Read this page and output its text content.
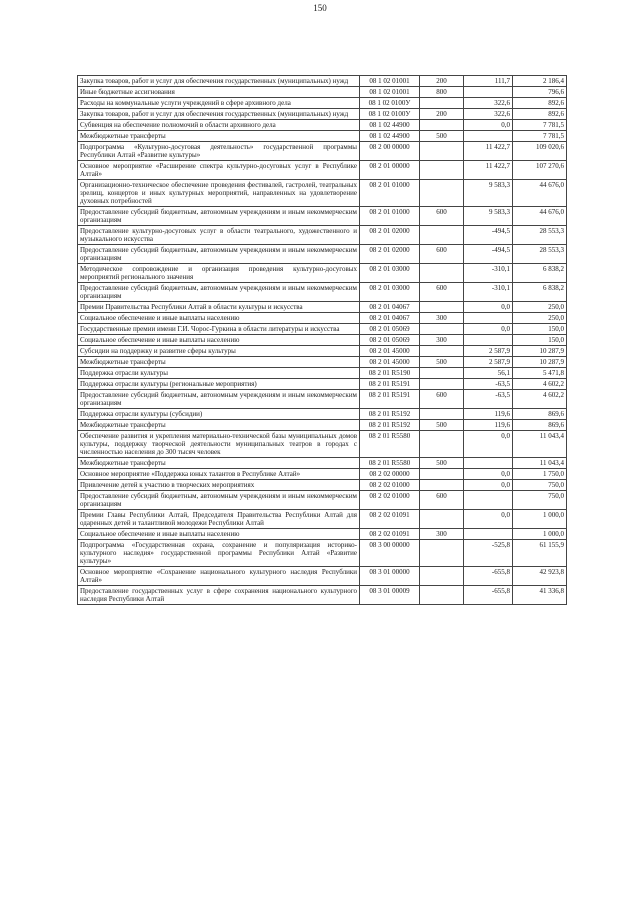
150
Закупка товаров, работ и услуг для обеспечения государственных (муниципальных) нужд	08 1 02 01001	200	111,7	2 186,4
Иные бюджетные ассигнования	08 1 02 01001	800		796,6
Расходы на коммунальные услуги учреждений в сфере архивного дела	08 1 02 0100У		322,6	892,6
Закупка товаров, работ и услуг для обеспечения государственных (муниципальных) нужд	08 1 02 0100У	200	322,6	892,6
Субвенция на обеспечение полномочий в области архивного дела	08 1 02 44900		0,0	7 781,5
Межбюджетные трансферты	08 1 02 44900	500		7 781,5
Подпрограмма «Культурно-досуговая деятельность» государственной программы Республики Алтай «Развитие культуры»	08 2 00 00000		11 422,7	109 020,6
Основное мероприятие «Расширение спектра культурно-досуговых услуг в Республике Алтай»	08 2 01 00000		11 422,7	107 270,6
Организационно-техническое обеспечение проведения фестивалей, гастролей, театральных зрелищ, концертов и иных культурных мероприятий, направленных на удовлетворение духовных потребностей	08 2 01 01000		9 583,3	44 676,0
Предоставление субсидий бюджетным, автономным учреждениям и иным некоммерческим организациям	08 2 01 01000	600	9 583,3	44 676,0
Предоставление культурно-досуговых услуг в области театрального, художественного и музыкального искусства	08 2 01 02000		-494,5	28 553,3
Предоставление субсидий бюджетным, автономным учреждениям и иным некоммерческим организациям	08 2 01 02000	600	-494,5	28 553,3
Методическое сопровождение и организация проведения культурно-досуговых мероприятий регионального значения	08 2 01 03000		-310,1	6 838,2
Предоставление субсидий бюджетным, автономным учреждениям и иным некоммерческим организациям	08 2 01 03000	600	-310,1	6 838,2
Премии Правительства Республики Алтай в области культуры и искусства	08 2 01 04067		0,0	250,0
Социальное обеспечение и иные выплаты населению	08 2 01 04067	300		250,0
Государственные премии имени Г.И. Чорос-Гуркина в области литературы и искусства	08 2 01 05069		0,0	150,0
Социальное обеспечение и иные выплаты населению	08 2 01 05069	300		150,0
Субсидии на поддержку и развитие сферы культуры	08 2 01 45000		2 587,9	10 287,9
Межбюджетные трансферты	08 2 01 45000	500	2 587,9	10 287,9
Поддержка отрасли культуры	08 2 01 R5190		56,1	5 471,8
Поддержка отрасли культуры (региональные мероприятия)	08 2 01 R5191		-63,5	4 602,2
Предоставление субсидий бюджетным, автономным учреждениям и иным некоммерческим организациям	08 2 01 R5191	600	-63,5	4 602,2
Поддержка отрасли культуры (субсидии)	08 2 01 R5192		119,6	869,6
Межбюджетные трансферты	08 2 01 R5192	500	119,6	869,6
Обеспечение развития и укрепления материально-технической базы муниципальных домов культуры, поддержку творческой деятельности муниципальных театров в городах с численностью населения до 300 тысяч человек	08 2 01 R5580		0,0	11 043,4
Межбюджетные трансферты	08 2 01 R5580	500		11 043,4
Основное мероприятие «Поддержка юных талантов в Республике Алтай»	08 2 02 00000		0,0	1 750,0
Привлечение детей к участию в творческих мероприятиях	08 2 02 01000		0,0	750,0
Предоставление субсидий бюджетным, автономным учреждениям и иным некоммерческим организациям	08 2 02 01000	600		750,0
Премии Главы Республики Алтай, Председателя Правительства Республики Алтай для одаренных детей и талантливой молодежи Республики Алтай	08 2 02 01091		0,0	1 000,0
Социальное обеспечение и иные выплаты населению	08 2 02 01091	300		1 000,0
Подпрограмма «Государственная охрана, сохранение и популяризация историко-культурного наследия» государственной программы Республики Алтай «Развитие культуры»	08 3 00 00000		-525,8	61 155,9
Основное мероприятие «Сохранение национального культурного наследия Республики Алтай»	08 3 01 00000		-655,8	42 923,8
Предоставление государственных услуг в сфере сохранения национального культурного наследия Республики Алтай	08 3 01 00009		-655,8	41 336,8
